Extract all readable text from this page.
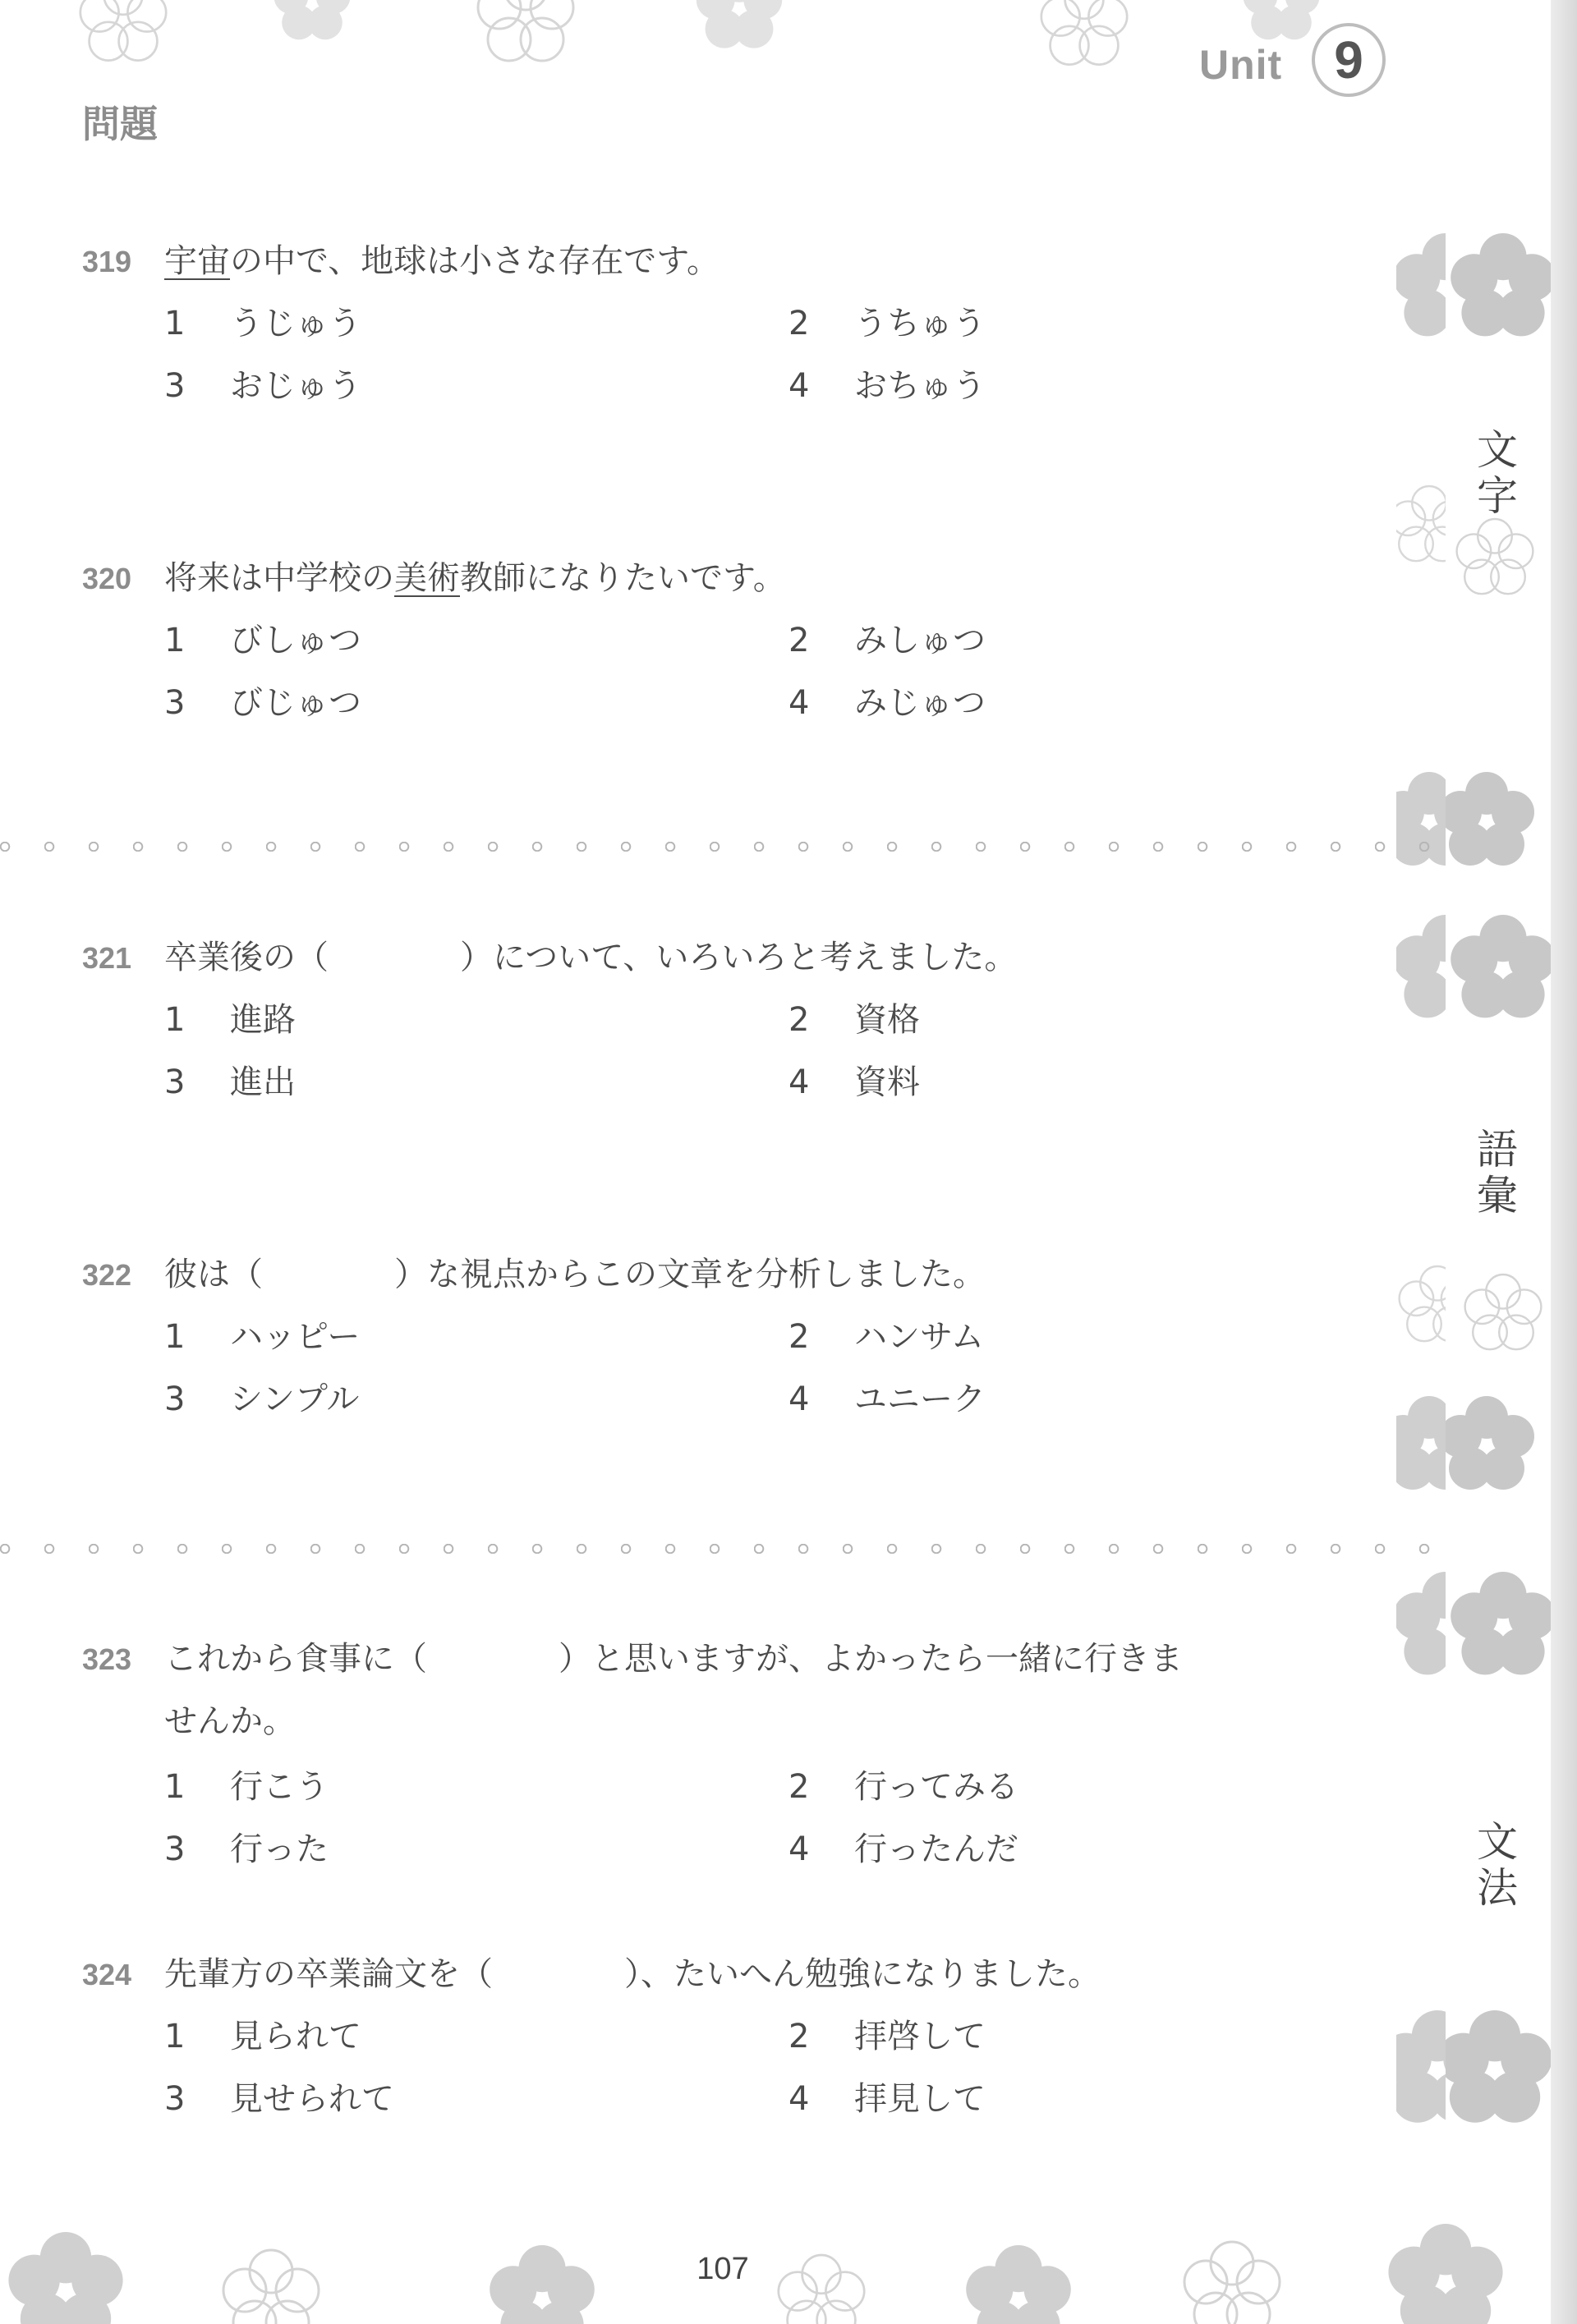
Unit 9
問題
文
字
語
彙
文
法
319 宇宙の中で、地球は小さな存在です。
1 うじゅう	2 うちゅう
3 おじゅう	4 おちゅう
320 将来は中学校の美術教師になりたいです。
1 びしゅつ	2 みしゅつ
3 びじゅつ	4 みじゅつ
321 卒業後の（	）について、いろいろと考えました。
1 進路	2 資格
3 進出	4 資料
322 彼は（	）な視点からこの文章を分析しました。
1 ハッピー	2 ハンサム
3 シンプル	4 ユニーク
323 これから食事に（	）と思いますが、よかったら一緒に行きま
せんか。
1 行こう	2 行ってみる
3 行った	4 行ったんだ
324 先輩方の卒業論文を（	）、たいへん勉強になりました。
1 見られて	2 拝啓して
3 見せられて	4 拝見して
107
